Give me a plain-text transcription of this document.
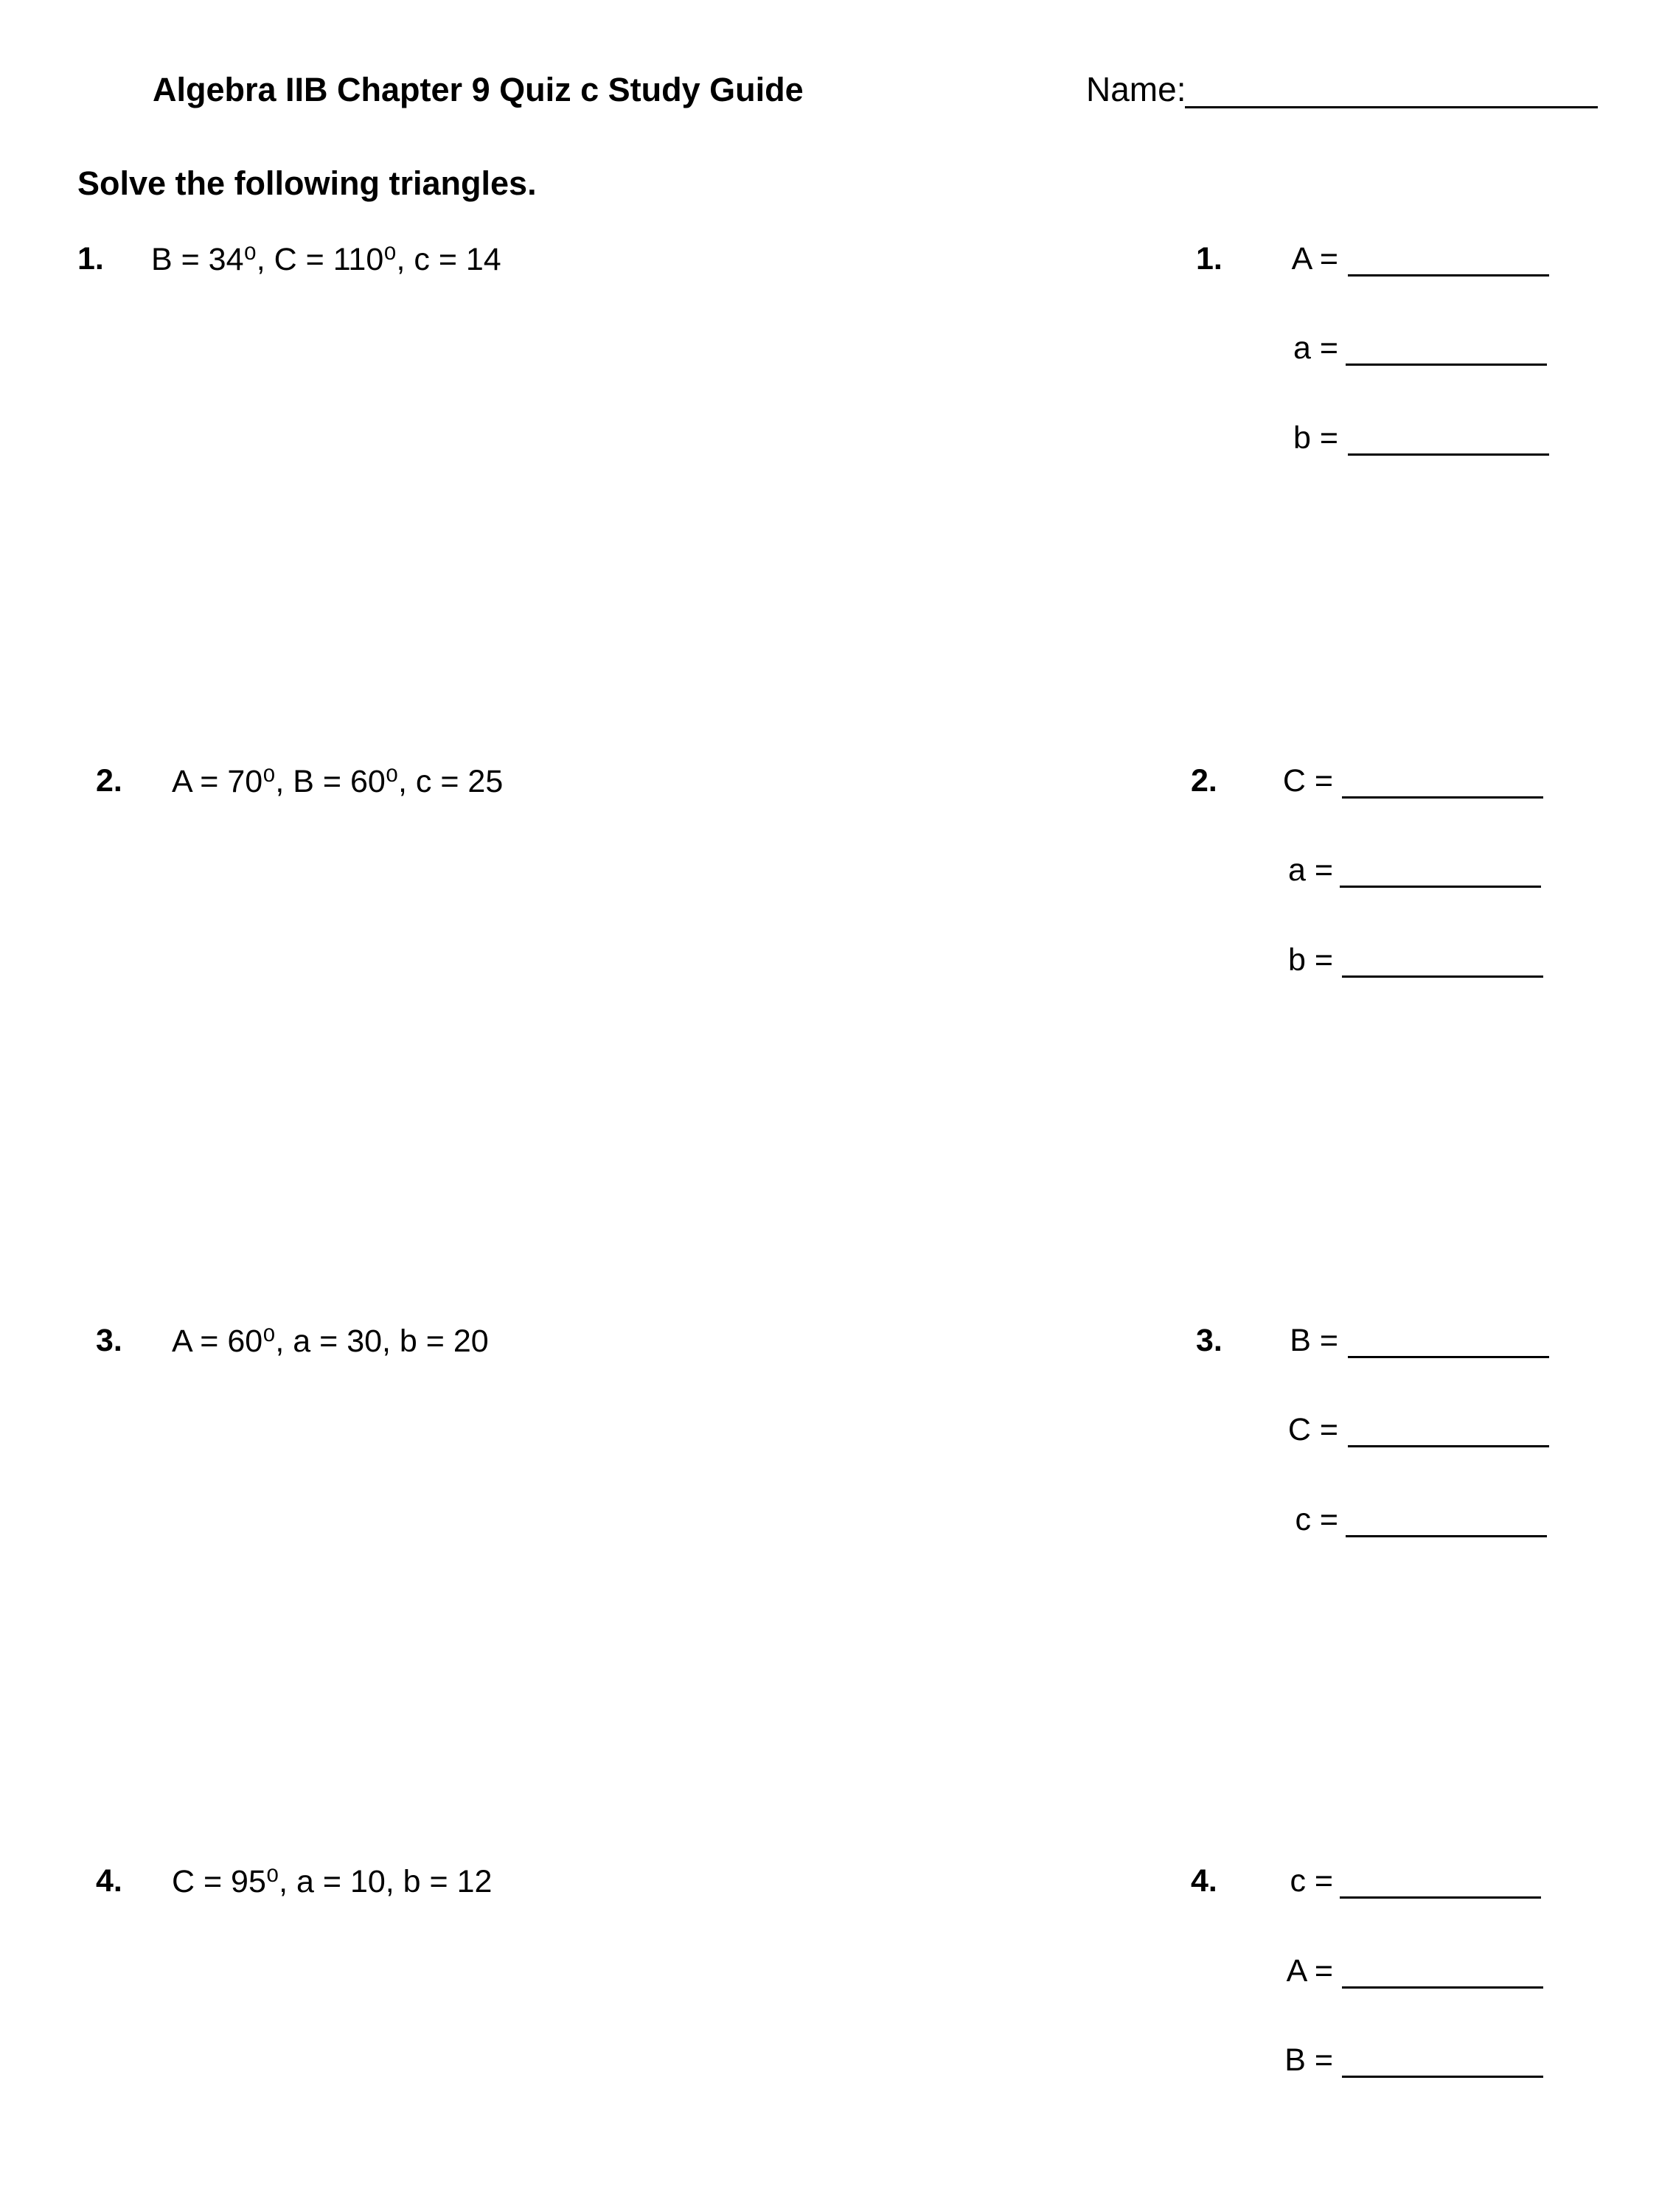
Algebra IIB Chapter 9 Quiz c Study Guide	Name:
Solve the following triangles.
1. B = 34⁰, C = 110⁰, c = 14	1.	A =
a =
b =
2. A = 70⁰, B = 60⁰, c = 25	2. C =
a =
b =
3. A = 60⁰, a = 30, b = 20	3.	B =
C =
c =
4. C = 95⁰, a = 10, b = 12	4.	c =
A =
B =
